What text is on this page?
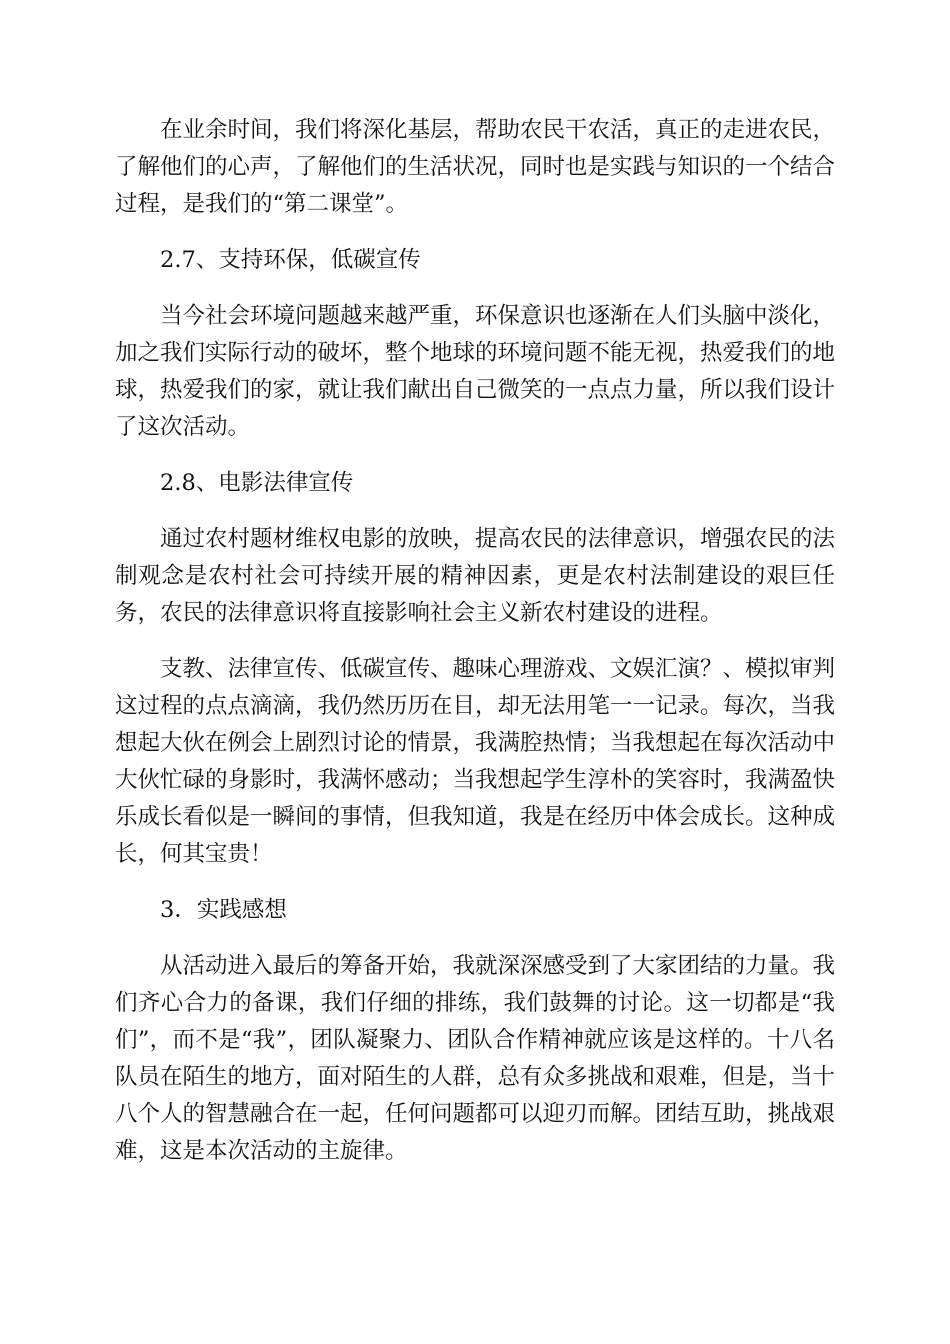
在业余时间，我们将深化基层，帮助农民干农活，真正的走进农民，了解他们的心声，了解他们的生活状况，同时也是实践与知识的一个结合过程，是我们的“第二课堂”。

2.7、支持环保，低碳宣传

当今社会环境问题越来越严重，环保意识也逐渐在人们头脑中淡化，加之我们实际行动的破坏，整个地球的环境问题不能无视，热爱我们的地球，热爱我们的家，就让我们献出自己微笑的一点点力量，所以我们设计了这次活动。

2.8、电影法律宣传

通过农村题材维权电影的放映，提高农民的法律意识，增强农民的法制观念是农村社会可持续开展的精神因素，更是农村法制建设的艰巨任务，农民的法律意识将直接影响社会主义新农村建设的进程。

支教、法律宣传、低碳宣传、趣味心理游戏、文娱汇演？、模拟审判这过程的点点滴滴，我仍然历历在目，却无法用笔一一记录。每次，当我想起大伙在例会上剧烈讨论的情景，我满腔热情；当我想起在每次活动中大伙忙碌的身影时，我满怀感动；当我想起学生淳朴的笑容时，我满盈快乐成长看似是一瞬间的事情，但我知道，我是在经历中体会成长。这种成长，何其宝贵！

3．实践感想

从活动进入最后的筹备开始，我就深深感受到了大家团结的力量。我们齐心合力的备课，我们仔细的排练，我们鼓舞的讨论。这一切都是“我们”，而不是“我”，团队凝聚力、团队合作精神就应该是这样的。十八名队员在陌生的地方，面对陌生的人群，总有众多挑战和艰难，但是，当十八个人的智慧融合在一起，任何问题都可以迎刃而解。团结互助，挑战艰难，这是本次活动的主旋律。
